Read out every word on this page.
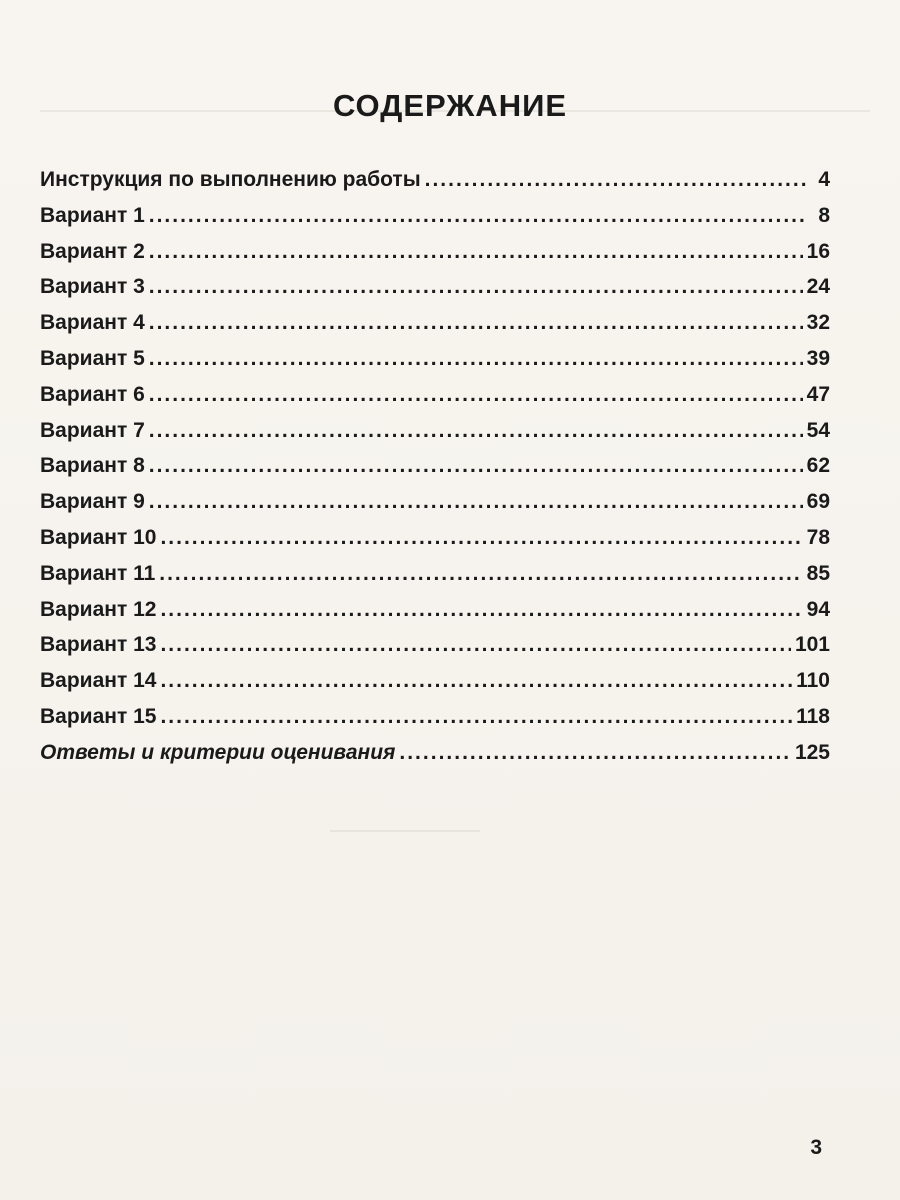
СОДЕРЖАНИЕ
Инструкция по выполнению работы .....	4
Вариант 1 .....	8
Вариант 2 .....	16
Вариант 3 .....	24
Вариант 4 .....	32
Вариант 5 .....	39
Вариант 6 .....	47
Вариант 7 .....	54
Вариант 8 .....	62
Вариант 9 .....	69
Вариант 10 .....	78
Вариант 11 .....	85
Вариант 12 .....	94
Вариант 13 .....	101
Вариант 14 .....	110
Вариант 15 .....	118
Ответы и критерии оценивания .....	125
3
